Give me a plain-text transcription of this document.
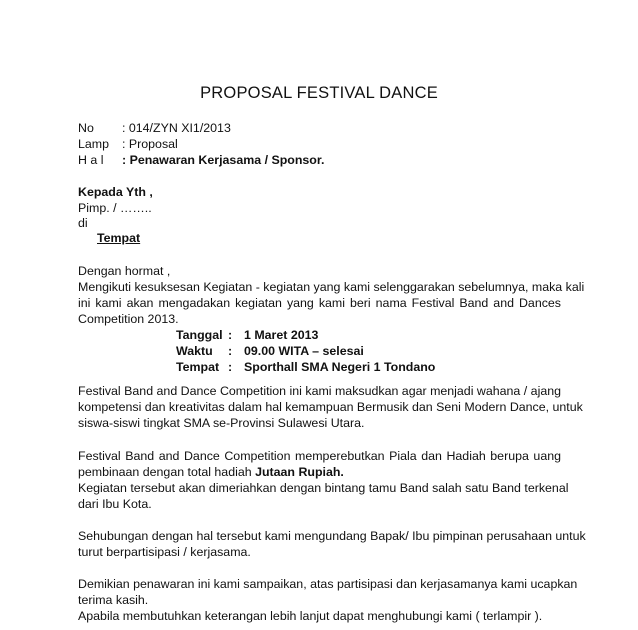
PROPOSAL FESTIVAL DANCE
No : 014/ZYN XI1/2013
Lamp : Proposal
H a l : Penawaran Kerjasama / Sponsor.
Kepada Yth ,
Pimp. / ……..
di
Tempat
Dengan hormat ,
Mengikuti kesuksesan Kegiatan - kegiatan yang kami selenggarakan sebelumnya, maka kali
ini kami akan mengadakan kegiatan yang kami beri nama Festival Band and Dances
Competition 2013.
Tanggal : 1 Maret 2013
Waktu : 09.00 WITA – selesai
Tempat : Sporthall SMA Negeri 1 Tondano
Festival Band and Dance Competition ini kami maksudkan agar menjadi wahana / ajang
kompetensi dan kreativitas dalam hal kemampuan Bermusik dan Seni Modern Dance, untuk
siswa-siswi tingkat SMA se-Provinsi Sulawesi Utara.
Festival Band and Dance Competition memperebutkan Piala dan Hadiah berupa uang
pembinaan dengan total hadiah Jutaan Rupiah.
Kegiatan tersebut akan dimeriahkan dengan bintang tamu Band salah satu Band terkenal
dari Ibu Kota.
Sehubungan dengan hal tersebut kami mengundang Bapak/ Ibu pimpinan perusahaan untuk
turut berpartisipasi / kerjasama.
Demikian penawaran ini kami sampaikan, atas partisipasi dan kerjasamanya kami ucapkan
terima kasih.
Apabila membutuhkan keterangan lebih lanjut dapat menghubungi kami ( terlampir ).
